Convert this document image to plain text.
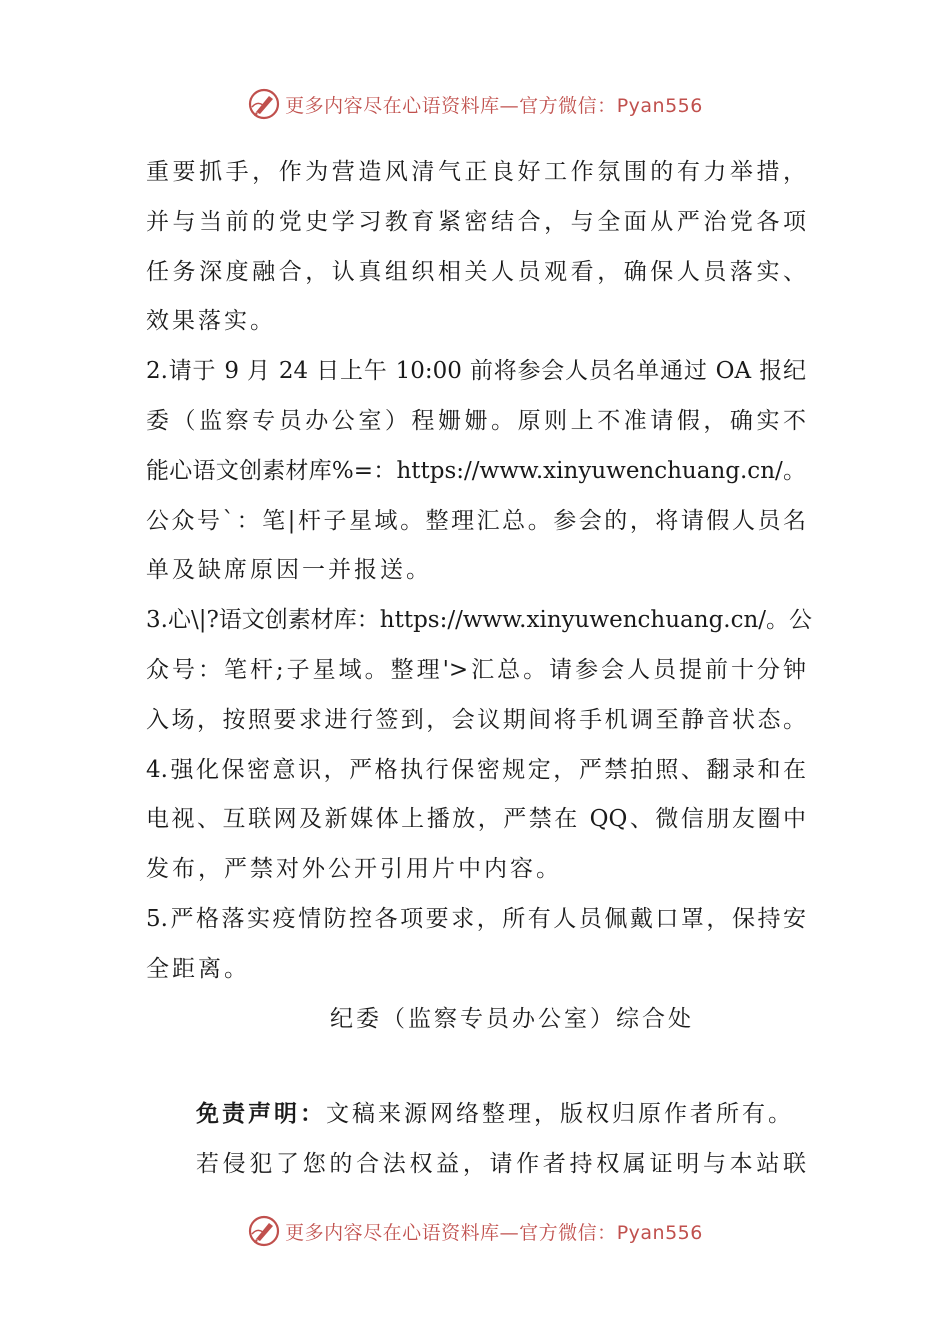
更多内容尽在心语资料库—官方微信：Pyan556
重要抓手，作为营造风清气正良好工作氛围的有力举措，
并与当前的党史学习教育紧密结合，与全面从严治党各项
任务深度融合，认真组织相关人员观看，确保人员落实、
效果落实。
2.请于 9 月 24 日上午 10:00 前将参会人员名单通过 OA 报纪
委（监察专员办公室）程姗姗。原则上不准请假，确实不
能心语文创素材库%=：https://www.xinyuwenchuang.cn/。
公众号`：笔|杆子星域。整理汇总。参会的，将请假人员名
单及缺席原因一并报送。
3.心\|?语文创素材库：https://www.xinyuwenchuang.cn/。公
众号：笔杆;子星域。整理'>汇总。请参会人员提前十分钟
入场，按照要求进行签到，会议期间将手机调至静音状态。
4.强化保密意识，严格执行保密规定，严禁拍照、翻录和在
电视、互联网及新媒体上播放，严禁在 QQ、微信朋友圈中
发布，严禁对外公开引用片中内容。
5.严格落实疫情防控各项要求，所有人员佩戴口罩，保持安
全距离。
纪委（监察专员办公室）综合处
免责声明：文稿来源网络整理，版权归原作者所有。
若侵犯了您的合法权益，请作者持权属证明与本站联
更多内容尽在心语资料库—官方微信：Pyan556
